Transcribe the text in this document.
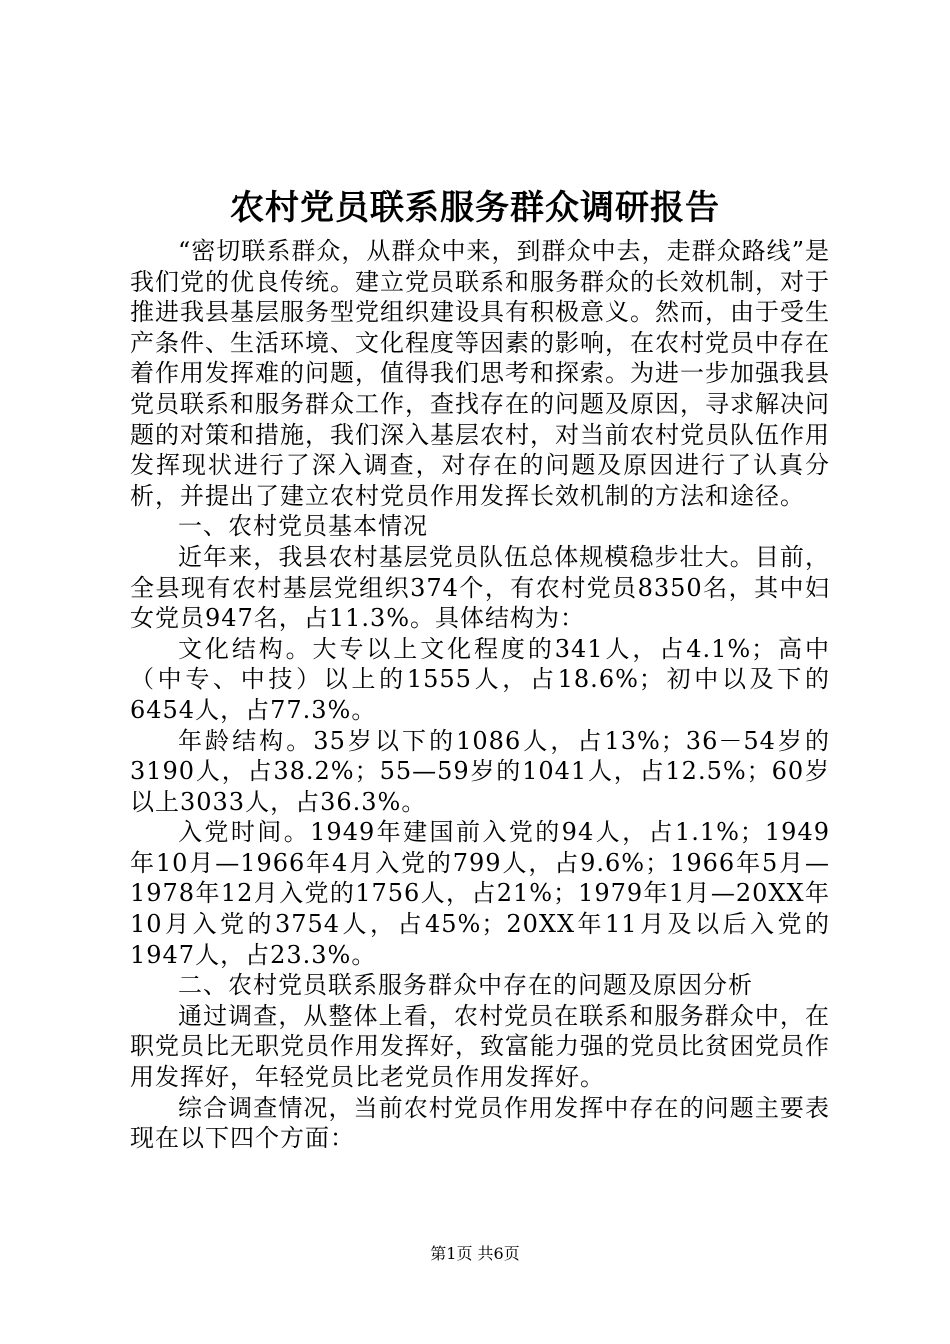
农村党员联系服务群众调研报告

“密切联系群众，从群众中来，到群众中去，走群众路线”是我们党的优良传统。建立党员联系和服务群众的长效机制，对于推进我县基层服务型党组织建设具有积极意义。然而，由于受生产条件、生活环境、文化程度等因素的影响，在农村党员中存在着作用发挥难的问题，值得我们思考和探索。为进一步加强我县党员联系和服务群众工作，查找存在的问题及原因，寻求解决问题的对策和措施，我们深入基层农村，对当前农村党员队伍作用发挥现状进行了深入调查，对存在的问题及原因进行了认真分析，并提出了建立农村党员作用发挥长效机制的方法和途径。

一、农村党员基本情况

近年来，我县农村基层党员队伍总体规模稳步壮大。目前，全县现有农村基层党组织374个，有农村党员8350名，其中妇女党员947名，占11.3%。具体结构为：

文化结构。大专以上文化程度的341人，占4.1%；高中（中专、中技）以上的1555人，占18.6%；初中以及下的6454人，占77.3%。

年龄结构。35岁以下的1086人，占13%；36－54岁的3190人，占38.2%；55—59岁的1041人，占12.5%；60岁以上3033人，占36.3%。

入党时间。1949年建国前入党的94人，占1.1%；1949年10月—1966年4月入党的799人，占9.6%；1966年5月—1978年12月入党的1756人，占21%；1979年1月—20XX年10月入党的3754人，占45%；20XX年11月及以后入党的1947人，占23.3%。

二、农村党员联系服务群众中存在的问题及原因分析

通过调查，从整体上看，农村党员在联系和服务群众中，在职党员比无职党员作用发挥好，致富能力强的党员比贫困党员作用发挥好，年轻党员比老党员作用发挥好。

综合调查情况，当前农村党员作用发挥中存在的问题主要表现在以下四个方面：

第1页 共6页
